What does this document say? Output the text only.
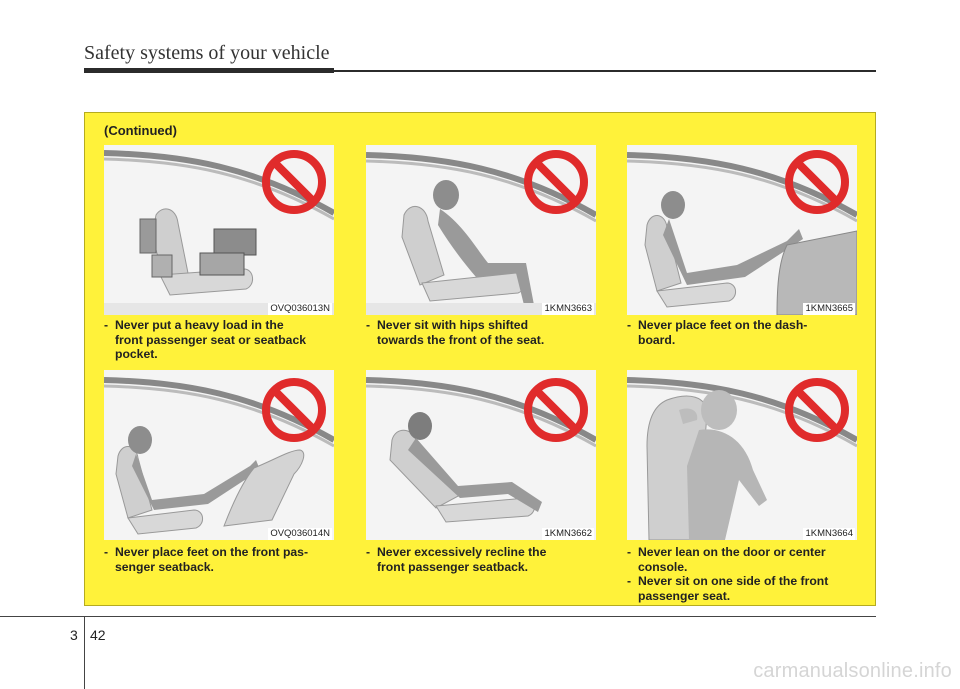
Safety systems of your vehicle
(Continued)
OVQ036013N	1KMN3663	1KMN3665
- Never put a heavy load in the
front passenger seat or seatback
pocket.
- Never sit with hips shifted
towards the front of the seat.
- Never place feet on the dash-
board.
OVQ036014N	1KMN3662	1KMN3664
- Never place feet on the front pas-
senger seatback.
- Never excessively recline the
front passenger seatback.
- Never lean on the door or center
console.
- Never sit on one side of the front
passenger seat.
3 42
carmanualsonline.info
